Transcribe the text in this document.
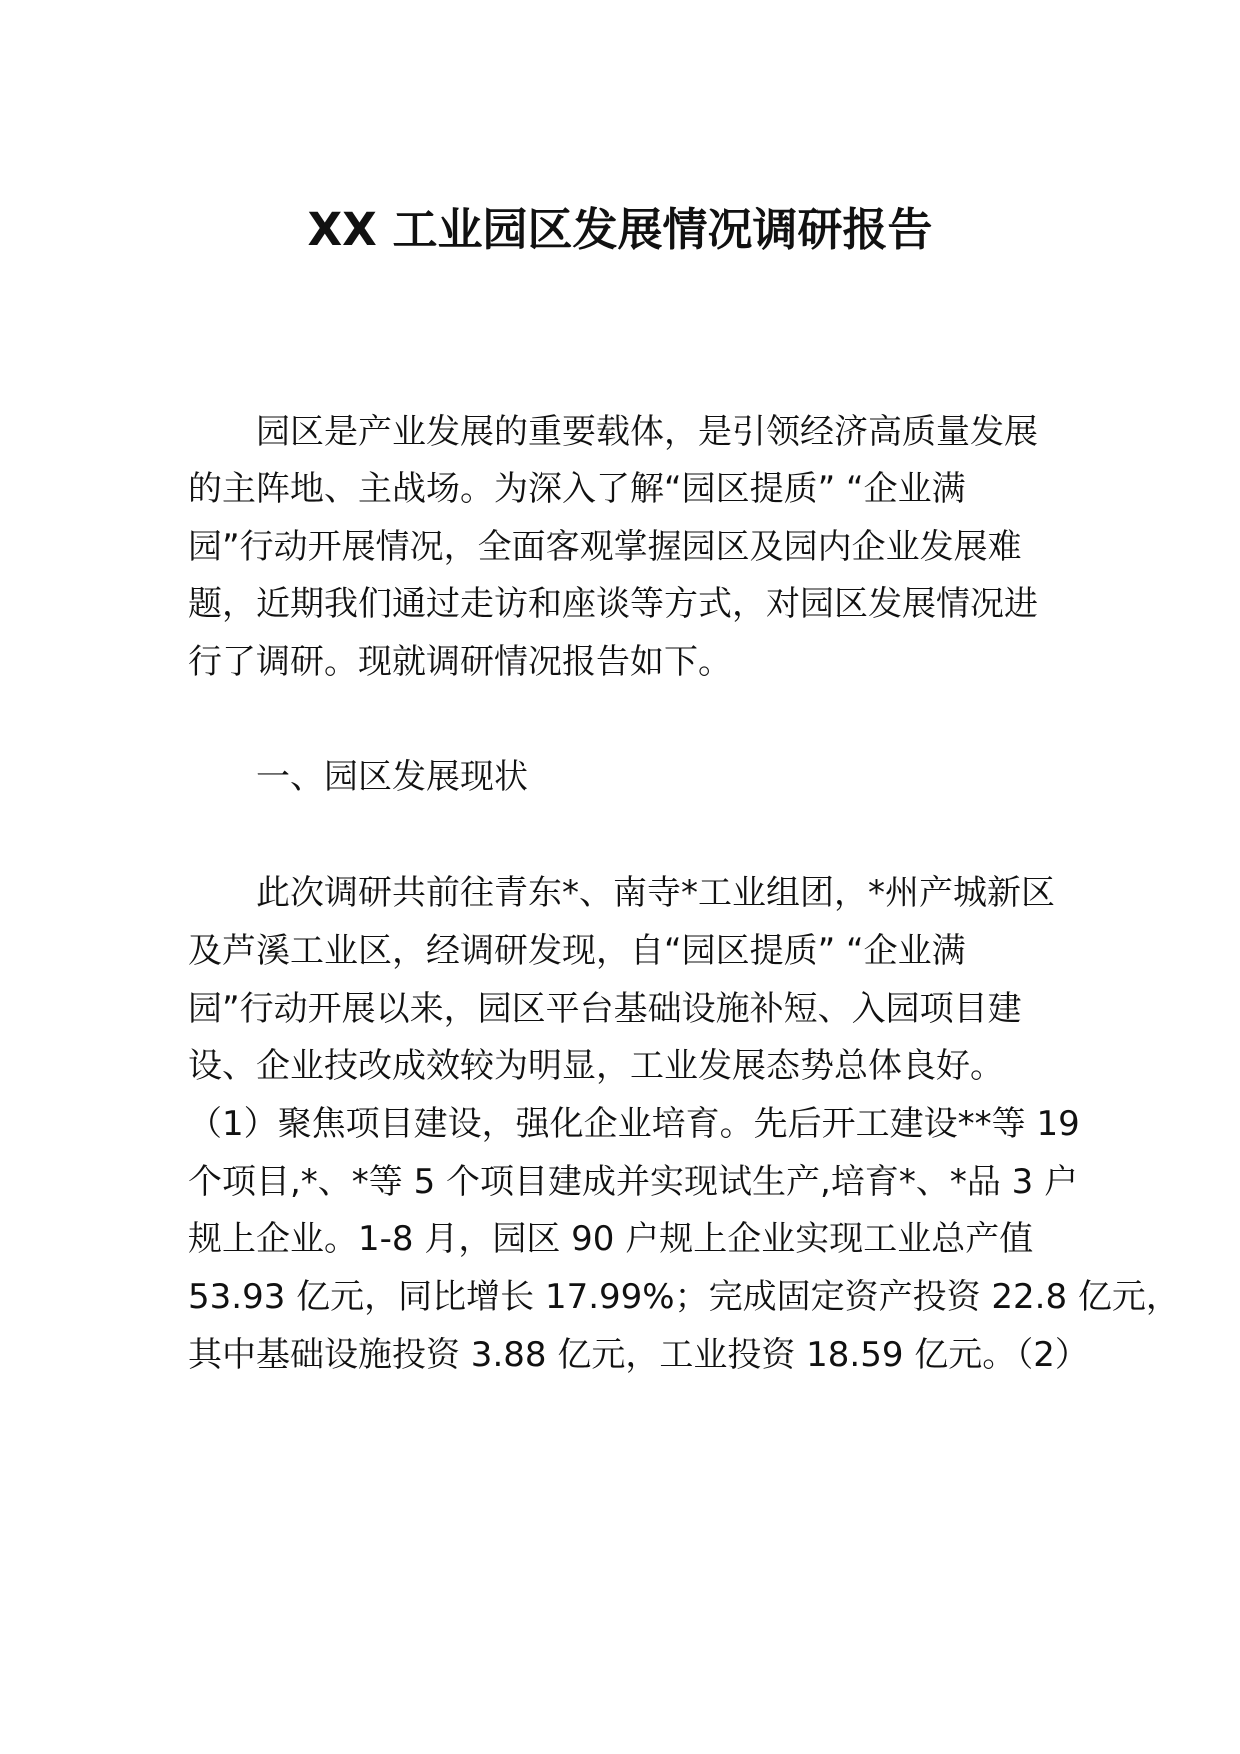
XX 工业园区发展情况调研报告
园区是产业发展的重要载体，是引领经济高质量发展
的主阵地、主战场。为深入了解“园区提质” “企业满
园”行动开展情况，全面客观掌握园区及园内企业发展难
题，近期我们通过走访和座谈等方式，对园区发展情况进
行了调研。现就调研情况报告如下。
一、园区发展现状
此次调研共前往青东*、南寺*工业组团，*州产城新区
及芦溪工业区，经调研发现，自“园区提质” “企业满
园”行动开展以来，园区平台基础设施补短、入园项目建
设、企业技改成效较为明显，工业发展态势总体良好。
（1）聚焦项目建设，强化企业培育。先后开工建设**等 19
个项目,*、*等 5 个项目建成并实现试生产,培育*、*品 3 户
规上企业。1-8 月，园区 90 户规上企业实现工业总产值
53.93 亿元，同比增长 17.99%；完成固定资产投资 22.8 亿元，
其中基础设施投资 3.88 亿元，工业投资 18.59 亿元。（2）
